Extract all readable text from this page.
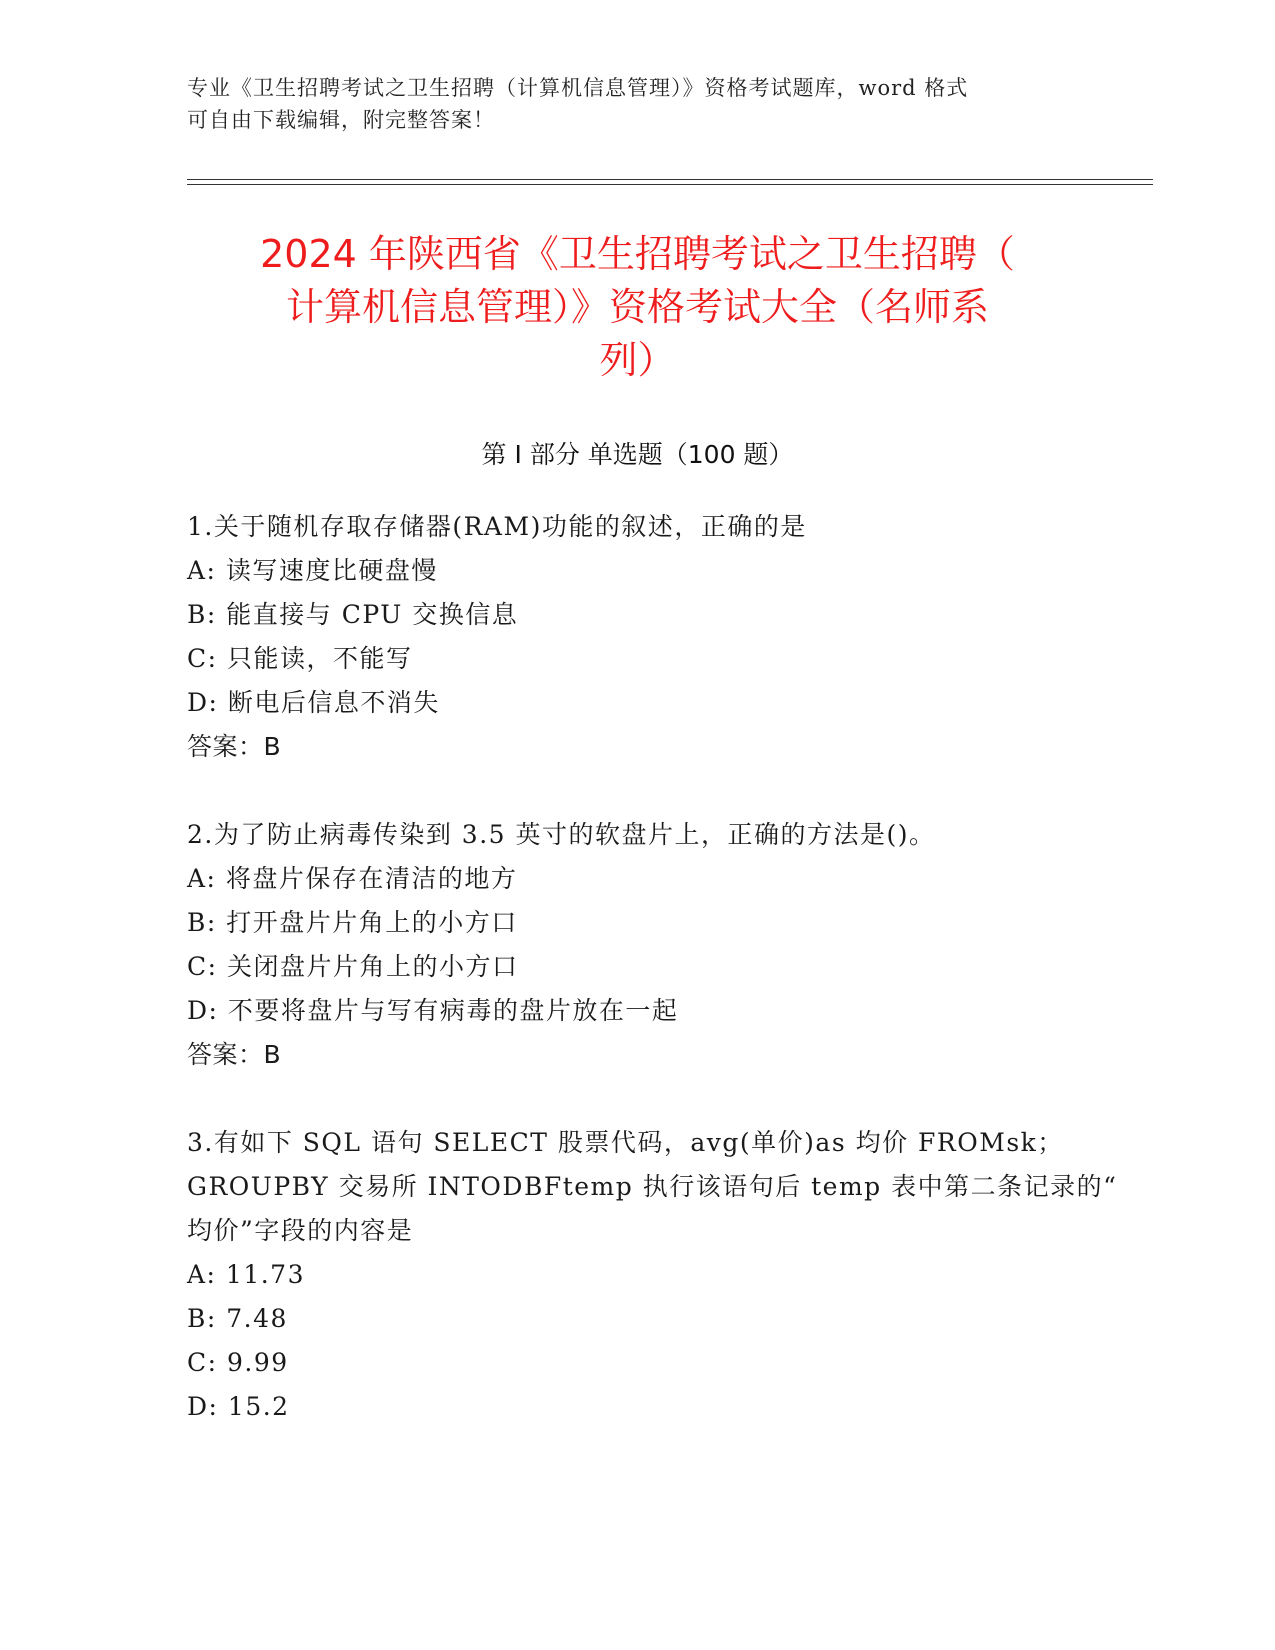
专业《卫生招聘考试之卫生招聘（计算机信息管理）》资格考试题库，word 格式
可自由下载编辑，附完整答案！
2024 年陕西省《卫生招聘考试之卫生招聘（
计算机信息管理）》资格考试大全（名师系
列）
第 I 部分 单选题（100 题）
1.关于随机存取存储器(RAM)功能的叙述，正确的是
A: 读写速度比硬盘慢
B: 能直接与 CPU 交换信息
C: 只能读，不能写
D: 断电后信息不消失
答案：B
2.为了防止病毒传染到 3.5 英寸的软盘片上，正确的方法是()。
A: 将盘片保存在清洁的地方
B: 打开盘片片角上的小方口
C: 关闭盘片片角上的小方口
D: 不要将盘片与写有病毒的盘片放在一起
答案：B
3.有如下 SQL 语句 SELECT 股票代码，avg(单价)as 均价 FROMsk；
GROUPBY 交易所 INTODBFtemp 执行该语句后 temp 表中第二条记录的“
均价”字段的内容是
A: 11.73
B: 7.48
C: 9.99
D: 15.2
